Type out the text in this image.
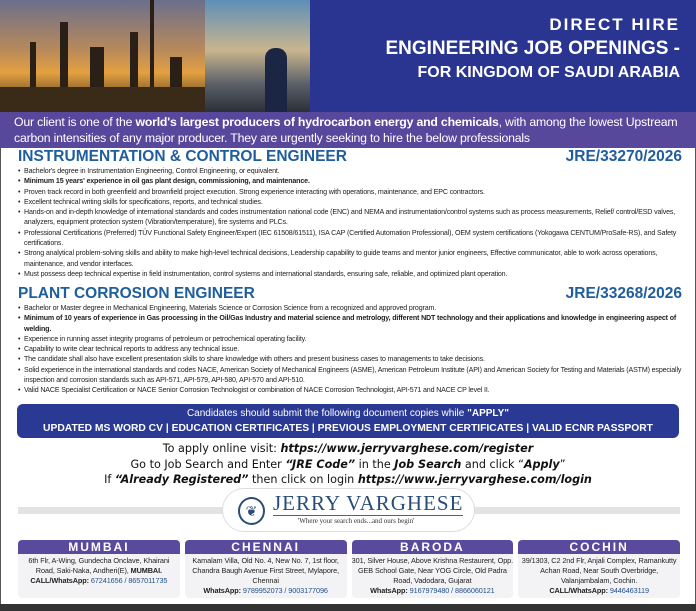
DIRECT HIRE
ENGINEERING JOB OPENINGS -
FOR KINGDOM OF SAUDI ARABIA
Our client is one of the world's largest producers of hydrocarbon energy and chemicals, with among the lowest Upstream carbon intensities of any major producer. They are urgently seeking to hire the below professionals
INSTRUMENTATION & CONTROL ENGINEER	JRE/33270/2026
• Bachelor's degree in Instrumentation Engineering, Control Engineering, or equivalent.
• Minimum 15 years' experience in oil gas plant design, commissioning, and maintenance.
• Proven track record in both greenfield and brownfield project execution. Strong experience interacting with operations, maintenance, and EPC contractors.
• Excellent technical writing skills for specifications, reports, and technical studies.
• Hands-on and in-depth knowledge of international standards and codes instrumentation national code (ENC) and NEMA and instrumentation/control systems such as process measurements, Relief/ control/ESD valves, analyzers, equipment protection system (Vibration/temperature), fire systems and PLCs.
• Professional Certifications (Preferred) TÜV Functional Safety Engineer/Expert (IEC 61508/61511), ISA CAP (Certified Automation Professional), OEM system certifications (Yokogawa CENTUM/ProSafe-RS), and Safety certifications.
• Strong analytical problem-solving skills and ability to make high-level technical decisions, Leadership capability to guide teams and mentor junior engineers, Effective communicator, able to work across operations, maintenance, and vendor interfaces.
• Must possess deep technical expertise in field instrumentation, control systems and international standards, ensuring safe, reliable, and optimized plant operation.
PLANT CORROSION ENGINEER	JRE/33268/2026
• Bachelor or Master degree in Mechanical Engineering, Materials Science or Corrosion Science from a recognized and approved program.
• Minimum of 10 years of experience in Gas processing in the Oil/Gas Industry and material science and metrology, different NDT technology and their applications and knowledge in engineering aspect of welding.
• Experience in running asset integrity programs of petroleum or petrochemical operating facility.
• Capability to write clear technical reports to address any technical issue.
• The candidate shall also have excellent presentation skills to share knowledge with others and present business cases to managements to take decisions.
• Solid experience in the international standards and codes NACE, American Society of Mechanical Engineers (ASME), American Petroleum Institute (API) and American Society for Testing and Materials (ASTM) especially inspection and corrosion standards such as API-571, API-579, API-580, API-570 and API-510.
• Valid NACE Specialist Certification or NACE Senior Corrosion Technologist or combination of NACE Corrosion Technologist, API-571 and NACE CP level II.
Candidates should submit the following document copies while "APPLY"
UPDATED MS WORD CV | EDUCATION CERTIFICATES | PREVIOUS EMPLOYMENT CERTIFICATES | VALID ECNR PASSPORT
To apply online visit: https://www.jerryvarghese.com/register
Go to Job Search and Enter “JRE Code” in the Job Search and click “Apply”
If “Already Registered” then click on login https://www.jerryvarghese.com/login
❦ JERRY VARGHESE
'Where your search ends...and ours begin'
MUMBAI
6th Flr, A-Wing, Gundecha Onclave, Khairani Road, Saki-Naka, Andheri(E), MUMBAI.
CALL/WhatsApp: 67241656 / 8657011735
CHENNAI
Kamalam Villa, Old No. 4, New No. 7, 1st floor, Chandra Baugh Avenue First Street, Mylapore, Chennai
WhatsApp: 9789952073 / 9003177096
BARODA
301, Silver House, Above Krishna Restaurent, Opp. GEB School Gate, Near YOG Circle, Old Padra Road, Vadodara, Gujarat
WhatsApp: 9167979480 / 8866060121
COCHIN
39/1303, C2 2nd Flr, Anjali Complex, Ramankutty Achan Road, Near South Overbridge, Valanjambalam, Cochin.
CALL/WhatsApp: 9446463119
